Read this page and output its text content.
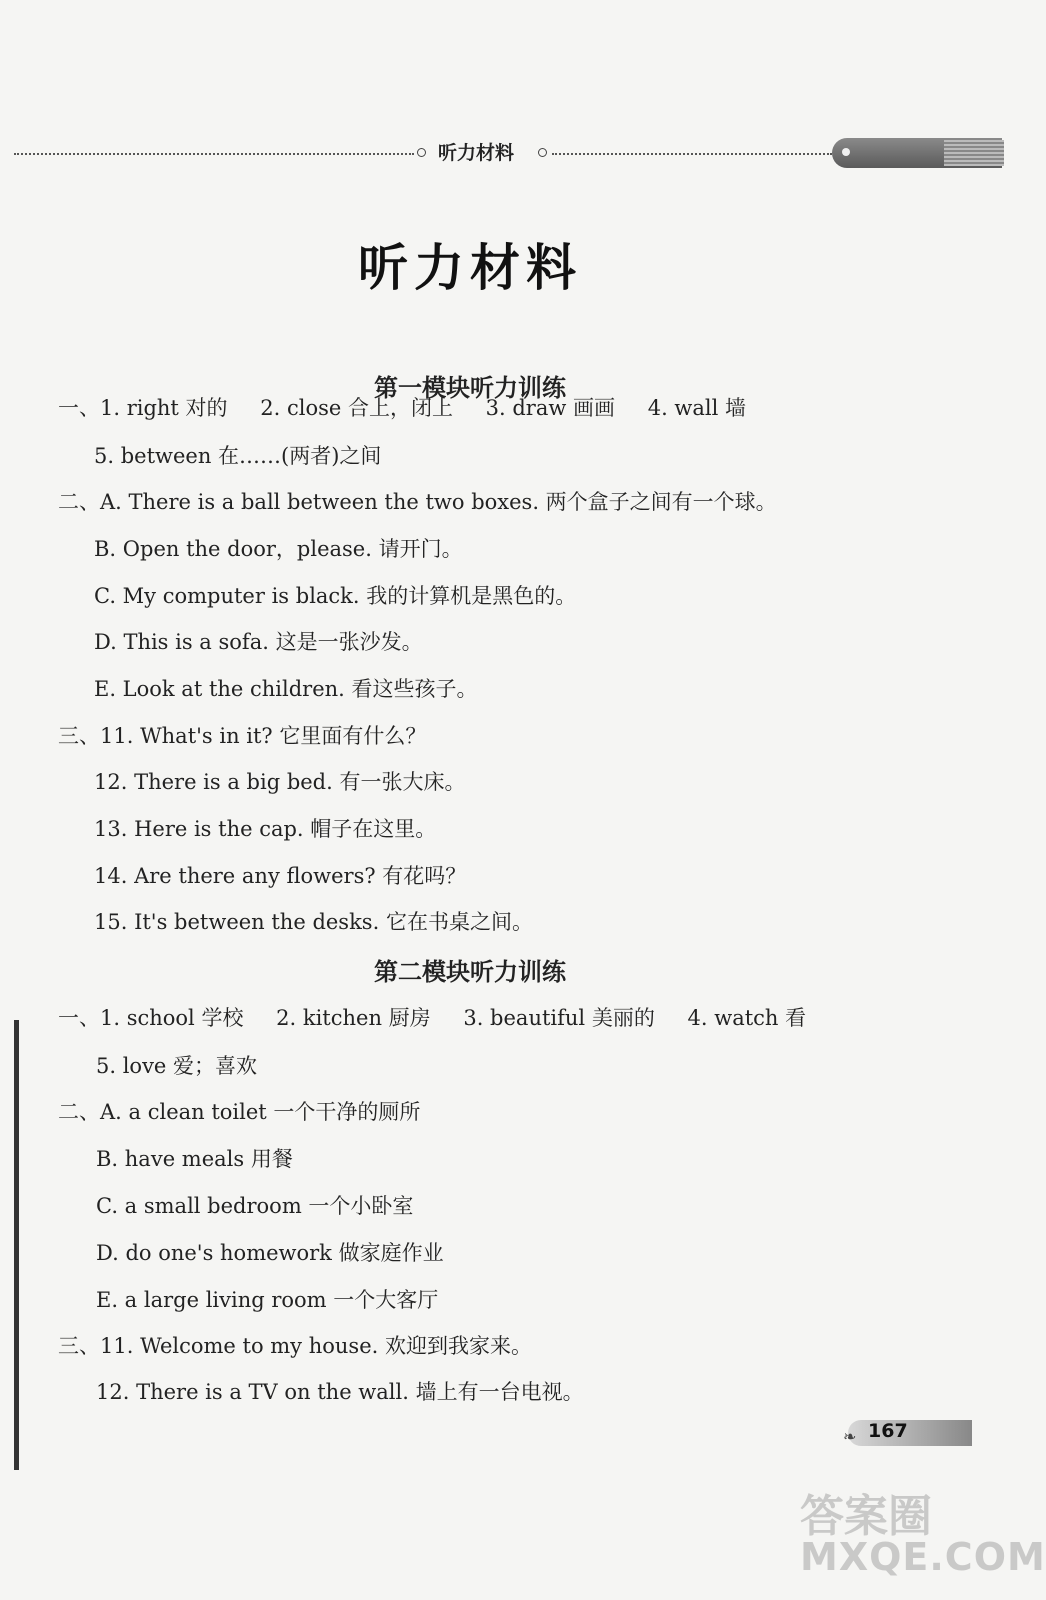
听力材料
听力材料
第一模块听力训练
一、1. right 对的 2. close 合上，闭上 3. draw 画画 4. wall 墙
5. between 在……(两者)之间
二、A. There is a ball between the two boxes. 两个盒子之间有一个球。
B. Open the door，please. 请开门。
C. My computer is black. 我的计算机是黑色的。
D. This is a sofa. 这是一张沙发。
E. Look at the children. 看这些孩子。
三、11. What's in it? 它里面有什么？
12. There is a big bed. 有一张大床。
13. Here is the cap. 帽子在这里。
14. Are there any flowers? 有花吗？
15. It's between the desks. 它在书桌之间。
第二模块听力训练
一、1. school 学校 2. kitchen 厨房 3. beautiful 美丽的 4. watch 看
5. love 爱；喜欢
二、A. a clean toilet 一个干净的厕所
B. have meals 用餐
C. a small bedroom 一个小卧室
D. do one's homework 做家庭作业
E. a large living room 一个大客厅
三、11. Welcome to my house. 欢迎到我家来。
12. There is a TV on the wall. 墙上有一台电视。
❧ 167
答案圈
MXQE.COM
